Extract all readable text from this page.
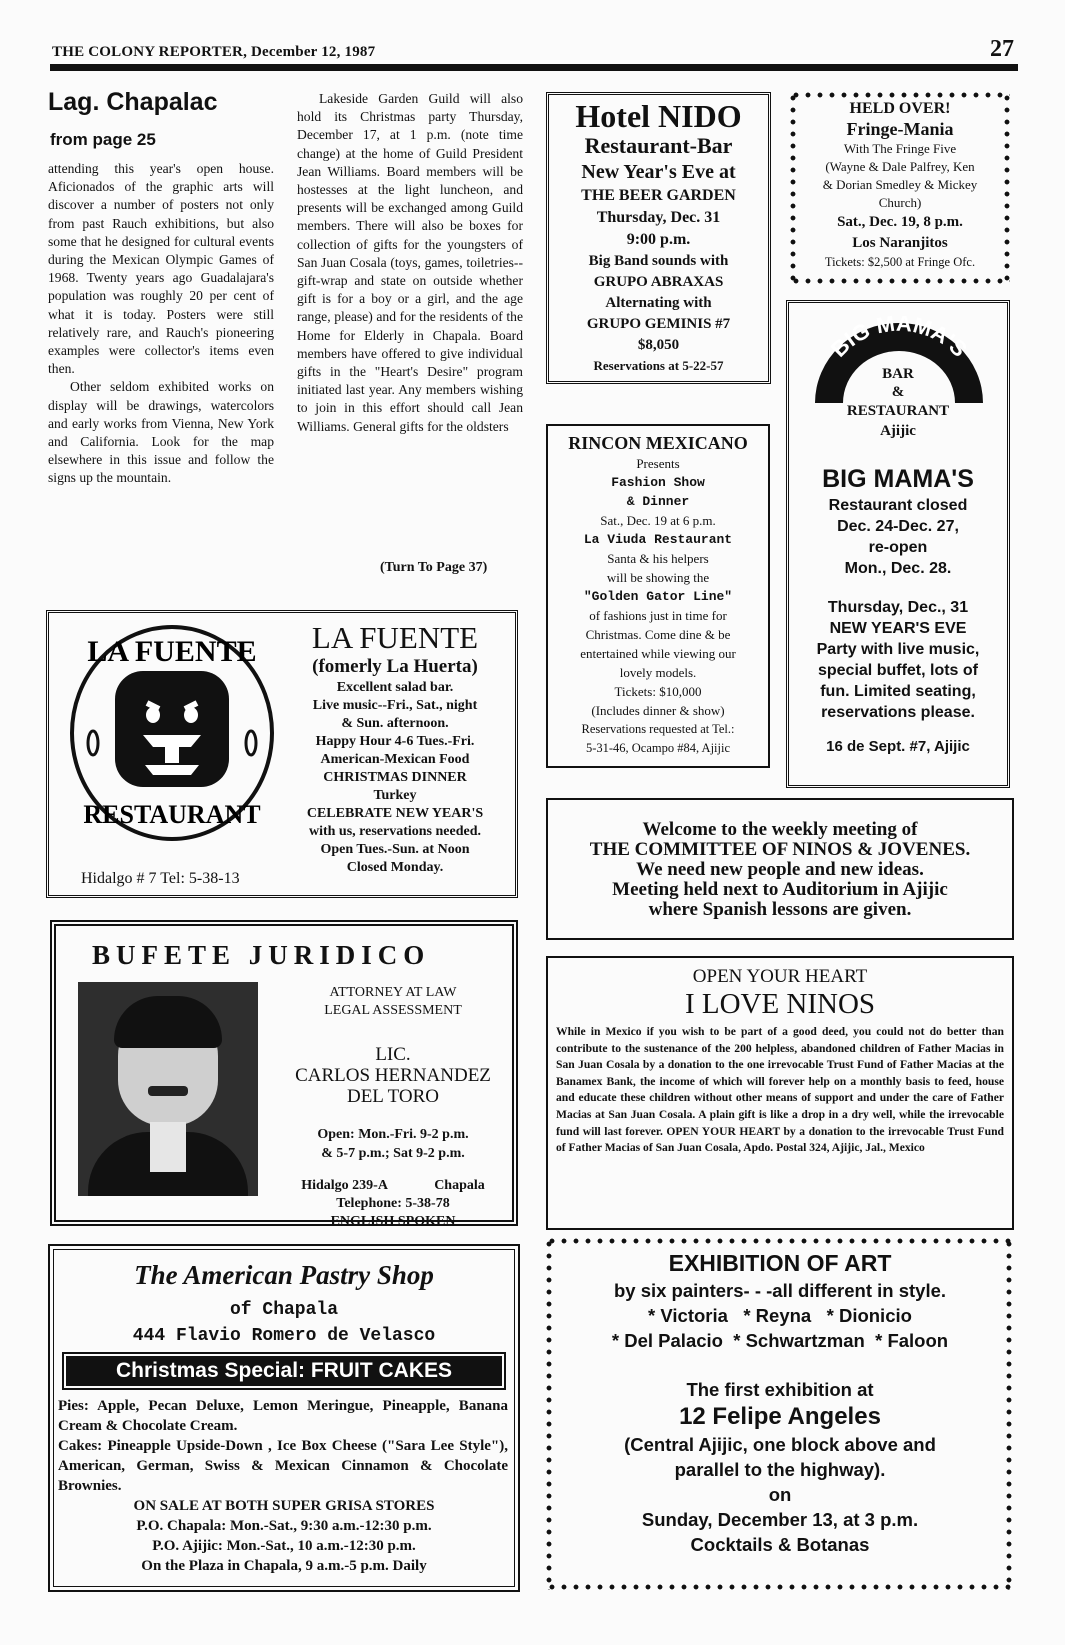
THE COLONY REPORTER, December 12, 1987	27
Lag. Chapalac
from page 25

attending this year's open house. Aficionados of the graphic arts will discover a number of posters not only from past Rauch exhibitions, but also some that he designed for cultural events during the Mexican Olympic Games of 1968. Twenty years ago Guadalajara's population was roughly 20 per cent of what it is today. Posters were still relatively rare, and Rauch's pioneering examples were collector's items even then.

Other seldom exhibited works on display will be drawings, watercolors and early works from Vienna, New York and California. Look for the map elsewhere in this issue and follow the signs up the mountain.

Lakeside Garden Guild will also hold its Christmas party Thursday, December 17, at 1 p.m. (note time change) at the home of Guild President Jean Williams. Board members will be hostesses at the light luncheon, and presents will be exchanged among Guild members. There will also be boxes for collection of gifts for the youngsters of San Juan Cosala (toys, games, toiletries--gift-wrap and state on outside whether gift is for a boy or a girl, and the age range, please) and for the residents of the Home for Elderly in Chapala. Board members have offered to give individual gifts in the "Heart's Desire" program initiated last year. Any members wishing to join in this effort should call Jean Williams. General gifts for the oldsters

(Turn To Page 37)
Hotel NIDO
Restaurant-Bar
New Year's Eve at
THE BEER GARDEN
Thursday, Dec. 31
9:00 p.m.
Big Band sounds with
GRUPO ABRAXAS
Alternating with
GRUPO GEMINIS #7
$8,050
Reservations at 5-22-57
HELD OVER!
Fringe-Mania
With The Fringe Five
(Wayne & Dale Palfrey, Ken
& Dorian Smedley & Mickey
Church)
Sat., Dec. 19, 8 p.m.
Los Naranjitos
Tickets: $2,500 at Fringe Ofc.
RINCON MEXICANO
Presents
Fashion Show
& Dinner
Sat., Dec. 19 at 6 p.m.
La Viuda Restaurant
Santa & his helpers
will be showing the
"Golden Gator Line"
of fashions just in time for
Christmas. Come dine & be
entertained while viewing our
lovely models.
Tickets: $10,000
(Includes dinner & show)
Reservations requested at Tel.:
5-31-46, Ocampo #84, Ajijic
BIG MAMA'S
BAR
&
RESTAURANT
Ajijic
BIG MAMA'S
Restaurant closed
Dec. 24-Dec. 27,
re-open
Mon., Dec. 28.
Thursday, Dec., 31
NEW YEAR'S EVE
Party with live music,
special buffet, lots of
fun. Limited seating,
reservations please.
16 de Sept. #7, Ajijic
LA FUENTE
RESTAURANT
Hidalgo # 7 Tel: 5-38-13
LA FUENTE
(fomerly La Huerta)
Excellent salad bar.
Live music--Fri., Sat., night
& Sun. afternoon.
Happy Hour 4-6 Tues.-Fri.
American-Mexican Food
CHRISTMAS DINNER
Turkey
CELEBRATE NEW YEAR'S
with us, reservations needed.
Open Tues.-Sun. at Noon
Closed Monday.
Welcome to the weekly meeting of
THE COMMITTEE OF NINOS & JOVENES.
We need new people and new ideas.
Meeting held next to Auditorium in Ajijic
where Spanish lessons are given.
BUFETE JURIDICO
ATTORNEY AT LAW
LEGAL ASSESSMENT
LIC.
CARLOS HERNANDEZ
DEL TORO
Open: Mon.-Fri. 9-2 p.m.
& 5-7 p.m.; Sat 9-2 p.m.
Hidalgo 239-A	Chapala
Telephone: 5-38-78
ENGLISH SPOKEN
OPEN YOUR HEART
I LOVE NINOS
While in Mexico if you wish to be part of a good deed, you could not do better than contribute to the sustenance of the 200 helpless, abandoned children of Father Macias in San Juan Cosala by a donation to the one irrevocable Trust Fund of Father Macias at the Banamex Bank, the income of which will forever help on a monthly basis to feed, house and educate these children without other means of support and under the care of Father Macias at San Juan Cosala. A plain gift is like a drop in a dry well, while the irrevocable fund will last forever. OPEN YOUR HEART by a donation to the irrevocable Trust Fund of Father Macias of San Juan Cosala, Apdo. Postal 324, Ajijic, Jal., Mexico
The American Pastry Shop
of Chapala
444 Flavio Romero de Velasco
Christmas Special: FRUIT CAKES
Pies: Apple, Pecan Deluxe, Lemon Meringue, Pineapple, Banana Cream & Chocolate Cream.
Cakes: Pineapple Upside-Down , Ice Box Cheese ("Sara Lee Style"), American, German, Swiss & Mexican Cinnamon & Chocolate Brownies.
ON SALE AT BOTH SUPER GRISA STORES
P.O. Chapala: Mon.-Sat., 9:30 a.m.-12:30 p.m.
P.O. Ajijic: Mon.-Sat., 10 a.m.-12:30 p.m.
On the Plaza in Chapala, 9 a.m.-5 p.m. Daily
EXHIBITION OF ART
by six painters- - -all different in style.
* Victoria   * Reyna   * Dionicio
* Del Palacio  * Schwartzman  * Faloon
The first exhibition at
12 Felipe Angeles
(Central Ajijic, one block above and
parallel to the highway).
on
Sunday, December 13, at 3 p.m.
Cocktails & Botanas
